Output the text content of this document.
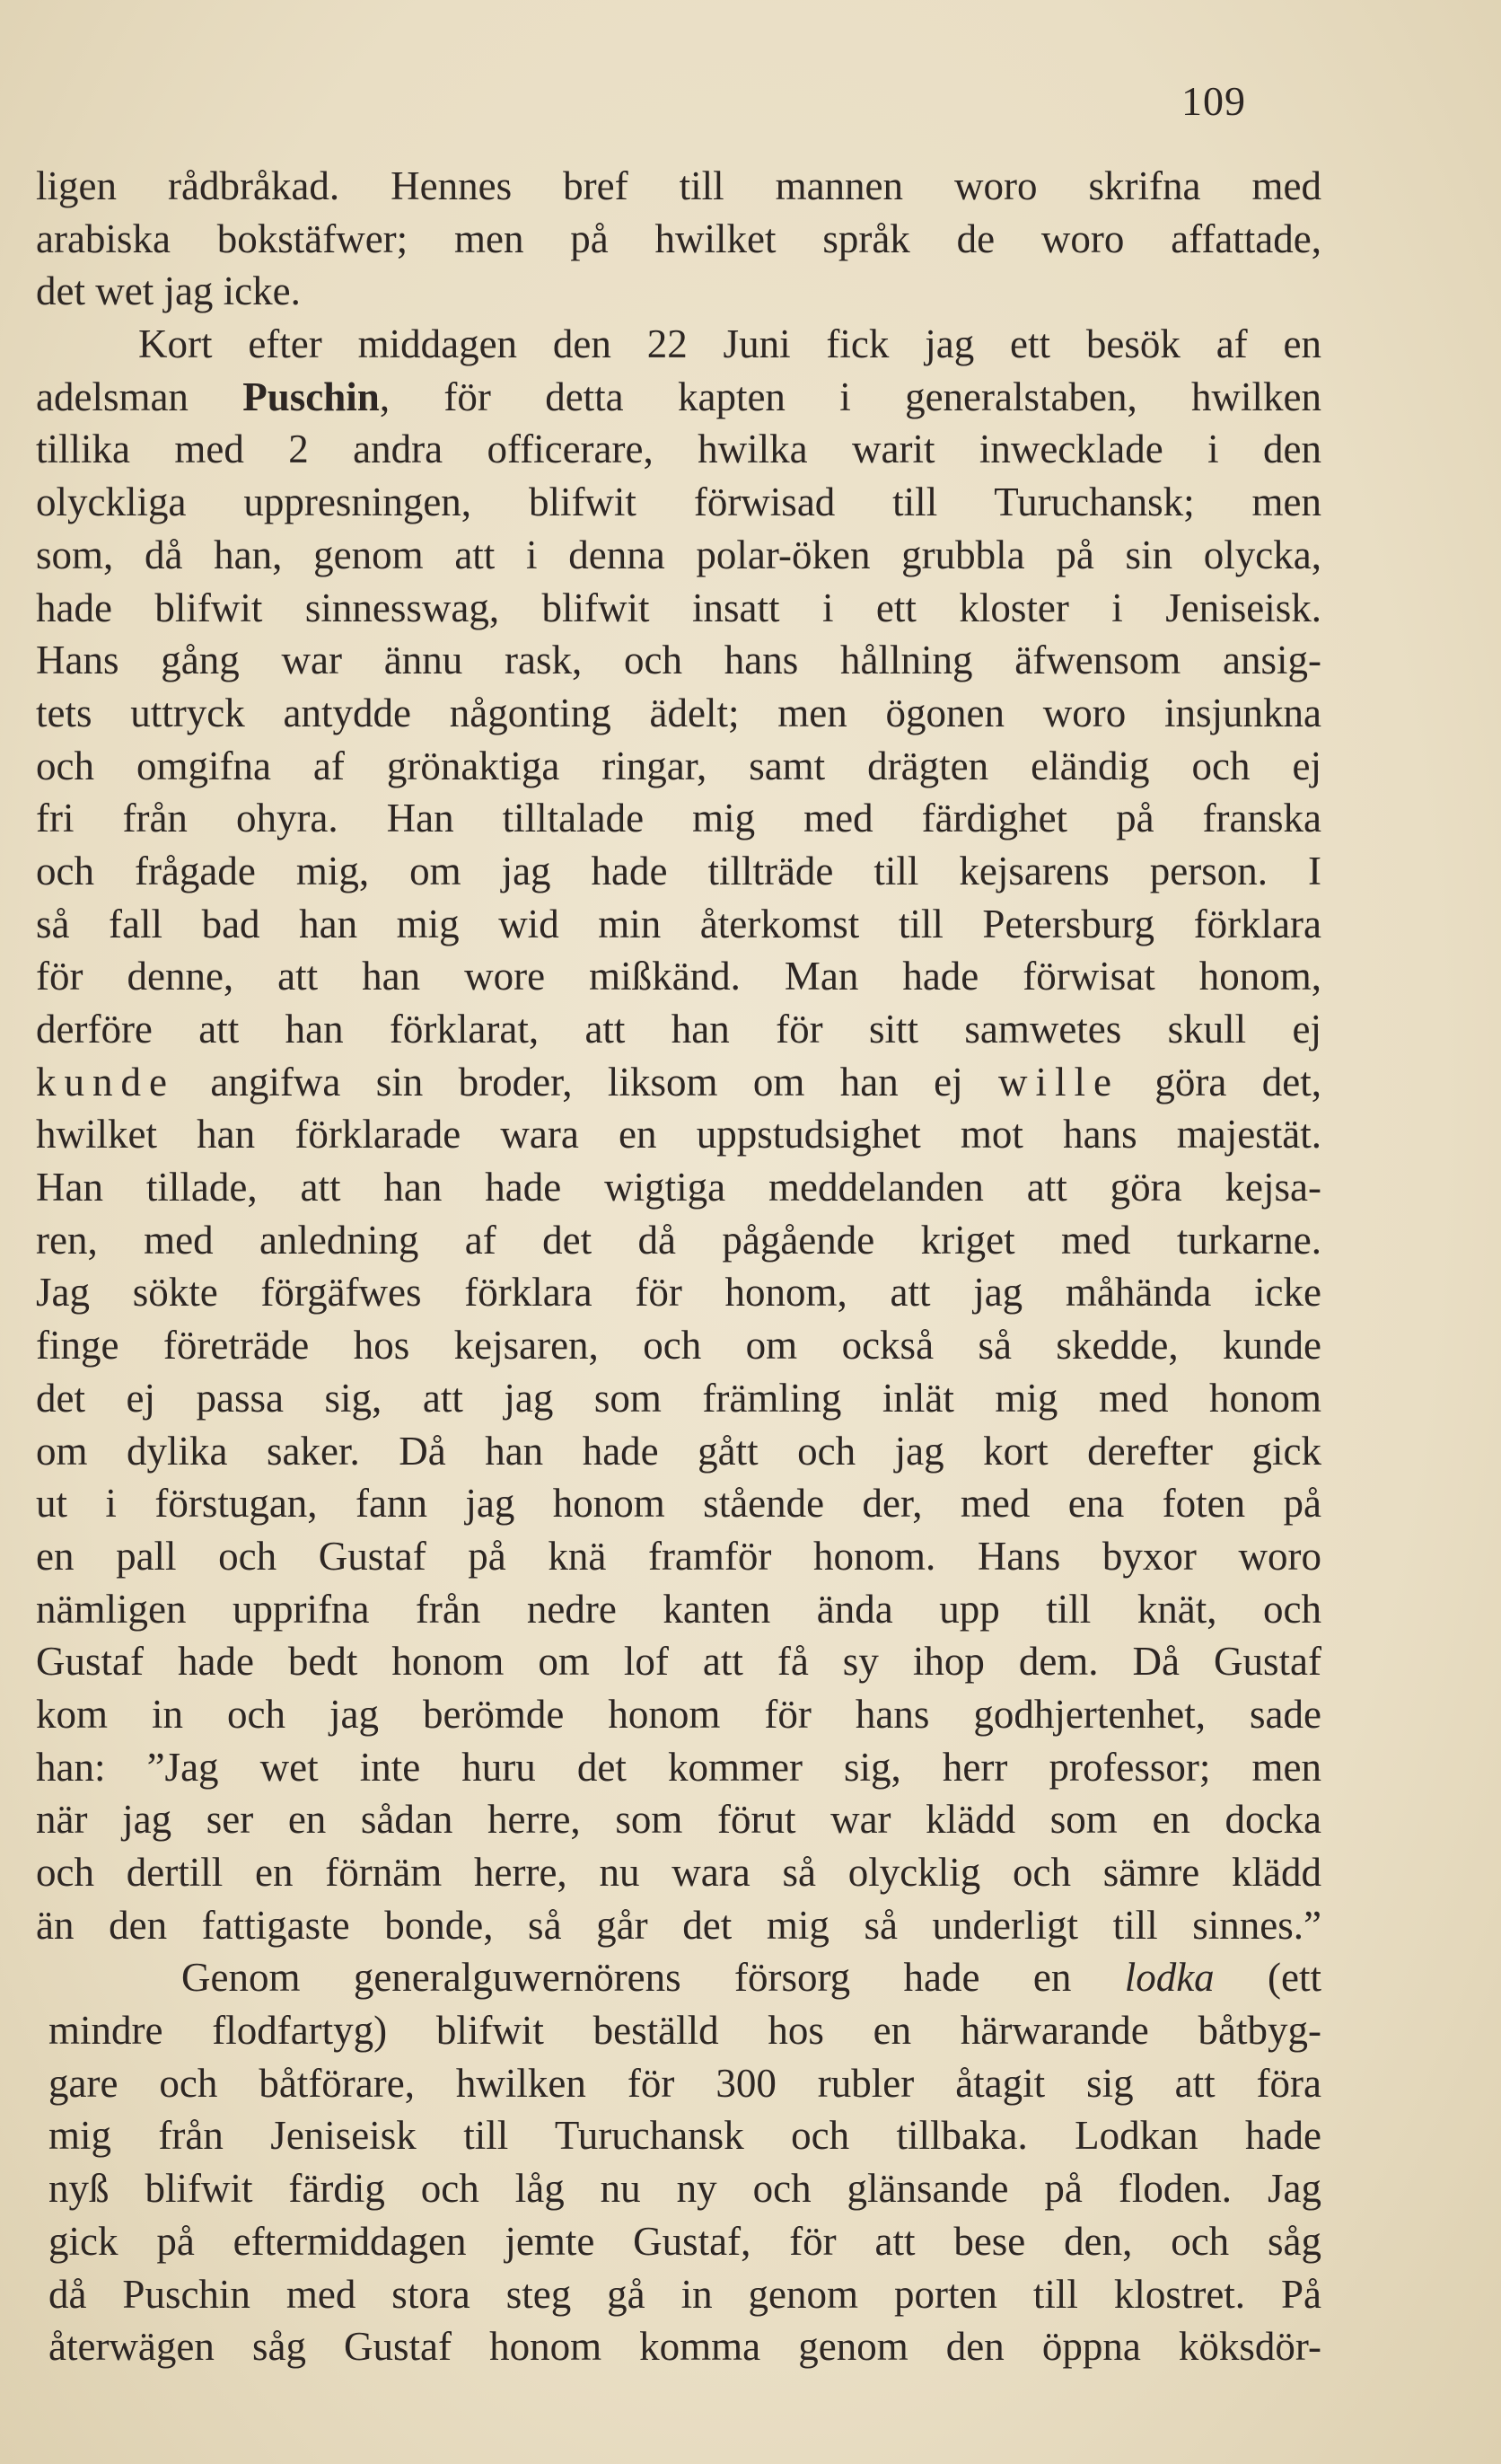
109
ligen rådbråkad. Hennes bref till mannen woro skrifna med
arabiska bokstäfwer; men på hwilket språk de woro affattade,
det wet jag icke.
Kort efter middagen den 22 Juni fick jag ett besök af en
adelsman Puschin, för detta kapten i generalstaben, hwilken
tillika med 2 andra officerare, hwilka warit inwecklade i den
olyckliga uppresningen, blifwit förwisad till Turuchansk; men
som, då han, genom att i denna polar-öken grubbla på sin olycka,
hade blifwit sinnesswag, blifwit insatt i ett kloster i Jeniseisk.
Hans gång war ännu rask, och hans hållning äfwensom ansig-
tets uttryck antydde någonting ädelt; men ögonen woro insjunkna
och omgifna af grönaktiga ringar, samt drägten eländig och ej
fri från ohyra. Han tilltalade mig med färdighet på franska
och frågade mig, om jag hade tillträde till kejsarens person. I
så fall bad han mig wid min återkomst till Petersburg förklara
för denne, att han wore mißkänd. Man hade förwisat honom,
derföre att han förklarat, att han för sitt samwetes skull ej
kunde angifwa sin broder, liksom om han ej wille göra det,
hwilket han förklarade wara en uppstudsighet mot hans majestät.
Han tillade, att han hade wigtiga meddelanden att göra kejsa-
ren, med anledning af det då pågående kriget med turkarne.
Jag sökte förgäfwes förklara för honom, att jag måhända icke
finge företräde hos kejsaren, och om också så skedde, kunde
det ej passa sig, att jag som främling inlät mig med honom
om dylika saker. Då han hade gått och jag kort derefter gick
ut i förstugan, fann jag honom stående der, med ena foten på
en pall och Gustaf på knä framför honom. Hans byxor woro
nämligen upprifna från nedre kanten ända upp till knät, och
Gustaf hade bedt honom om lof att få sy ihop dem. Då Gustaf
kom in och jag berömde honom för hans godhjertenhet, sade
han: ”Jag wet inte huru det kommer sig, herr professor; men
när jag ser en sådan herre, som förut war klädd som en docka
och dertill en förnäm herre, nu wara så olycklig och sämre klädd
än den fattigaste bonde, så går det mig så underligt till sinnes.”
Genom generalguwernörens försorg hade en lodka (ett
mindre flodfartyg) blifwit beställd hos en härwarande båtbyg-
gare och båtförare, hwilken för 300 rubler åtagit sig att föra
mig från Jeniseisk till Turuchansk och tillbaka. Lodkan hade
nyß blifwit färdig och låg nu ny och glänsande på floden. Jag
gick på eftermiddagen jemte Gustaf, för att bese den, och såg
då Puschin med stora steg gå in genom porten till klostret. På
återwägen såg Gustaf honom komma genom den öppna köksdör-
